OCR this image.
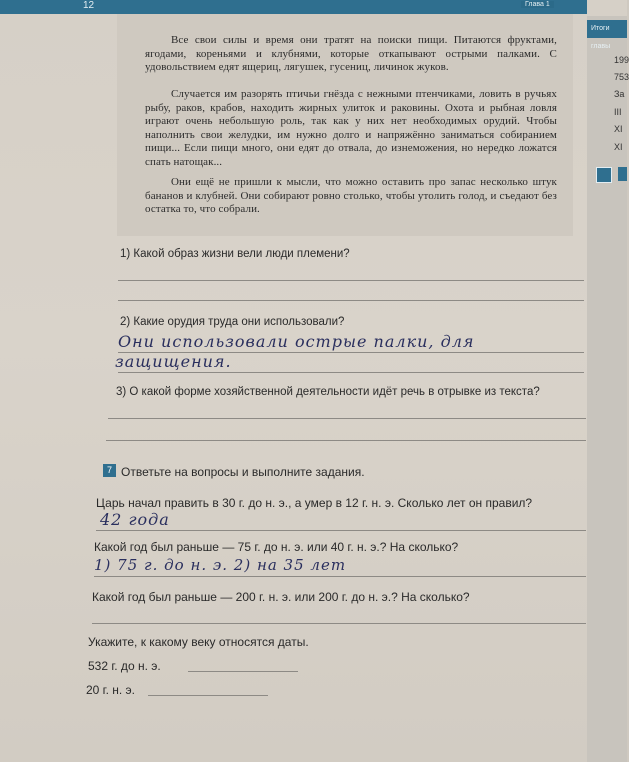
12	Глава 1
Итоги главы
199
753
За
III
XI
XI

Все свои силы и время они тратят на поиски пищи. Питаются фруктами, ягодами, кореньями и клубнями, которые откапывают острыми палками. С удовольствием едят ящериц, лягушек, гусениц, личинок жуков.

Случается им разорять птичьи гнёзда с нежными птенчиками, ловить в ручьях рыбу, раков, крабов, находить жирных улиток и раковины. Охота и рыбная ловля играют очень небольшую роль, так как у них нет необходимых орудий. Чтобы наполнить свои желудки, им нужно долго и напряжённо заниматься собиранием пищи... Если пищи много, они едят до отвала, до изнеможения, но нередко ложатся спать натощак...

Они ещё не пришли к мысли, что можно оставить про запас несколько штук бананов и клубней. Они собирают ровно столько, чтобы утолить голод, и съедают без остатка то, что собрали.

1) Какой образ жизни вели люди племени?
2) Какие орудия труда они использовали?
Они использовали острые палки, для
защищения.
3) О какой форме хозяйственной деятельности идёт речь в отрывке из текста?
7 Ответьте на вопросы и выполните задания.
Царь начал править в 30 г. до н. э., а умер в 12 г. н. э. Сколько лет он правил?
42 года
Какой год был раньше — 75 г. до н. э. или 40 г. н. э.? На сколько?
1) 75 г. до н. э. 2) на 35 лет
Какой год был раньше — 200 г. н. э. или 200 г. до н. э.? На сколько?
Укажите, к какому веку относятся даты.
532 г. до н. э.
20 г. н. э.
